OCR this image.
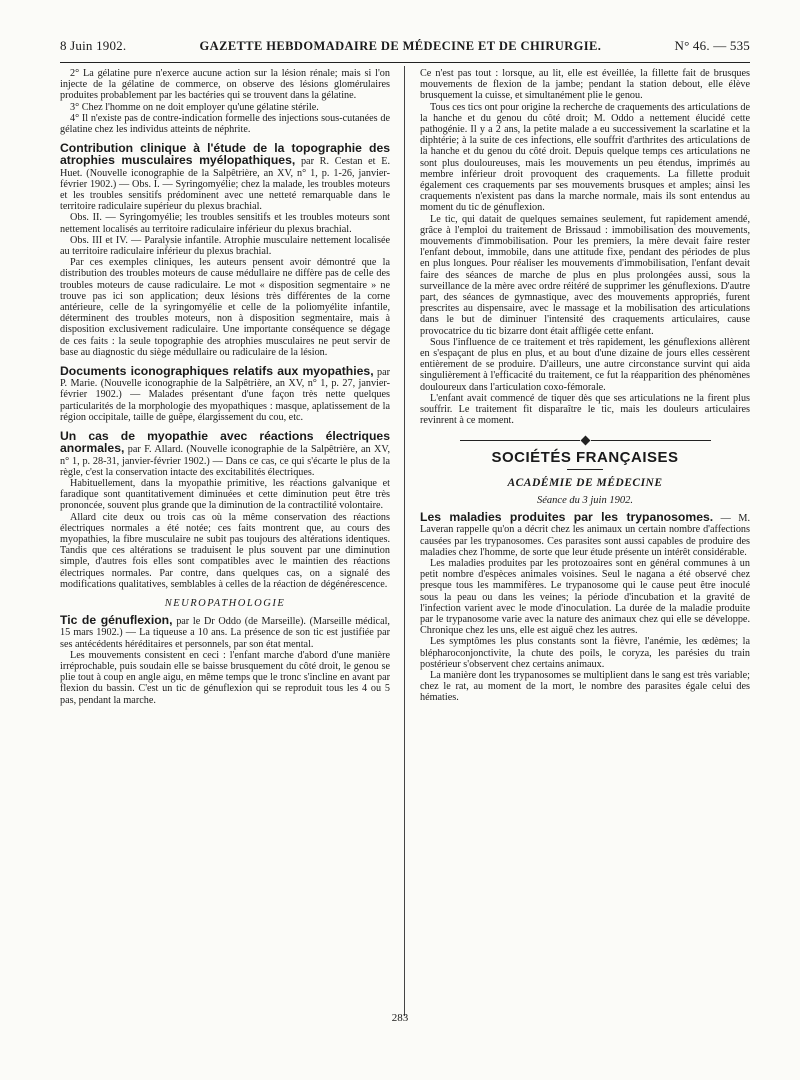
8 Juin 1902.	GAZETTE HEBDOMADAIRE DE MÉDECINE ET DE CHIRURGIE.	N° 46. — 535

2° La gélatine pure n'exerce aucune action sur la lésion rénale; mais si l'on injecte de la gélatine de commerce, on observe des lésions glomérulaires produites probablement par les bactéries qui se trouvent dans la gélatine.

3° Chez l'homme on ne doit employer qu'une gélatine stérile.

4° Il n'existe pas de contre-indication formelle des injections sous-cutanées de gélatine chez les individus atteints de néphrite.

Contribution clinique à l'étude de la topographie des atrophies musculaires myélopathiques, par R. Cestan et E. Huet. (Nouvelle iconographie de la Salpêtrière, an XV, n° 1, p. 1-26, janvier-février 1902.) — Obs. I. — Syringomyélie; chez la malade, les troubles moteurs et les troubles sensitifs prédominent avec une netteté remarquable dans le territoire radiculaire supérieur du plexus brachial.

Obs. II. — Syringomyélie; les troubles sensitifs et les troubles moteurs sont nettement localisés au territoire radiculaire inférieur du plexus brachial.

Obs. III et IV. — Paralysie infantile. Atrophie musculaire nettement localisée au territoire radiculaire inférieur du plexus brachial.

Par ces exemples cliniques, les auteurs pensent avoir démontré que la distribution des troubles moteurs de cause médullaire ne diffère pas de celle des troubles moteurs de cause radiculaire. Le mot « disposition segmentaire » ne trouve pas ici son application; deux lésions très différentes de la corne antérieure, celle de la syringomyélie et celle de la poliomyélite infantile, déterminent des troubles moteurs, non à disposition segmentaire, mais à disposition exclusivement radiculaire. Une importante conséquence se dégage de ces faits : la seule topographie des atrophies musculaires ne peut servir de base au diagnostic du siège médullaire ou radiculaire de la lésion.

Documents iconographiques relatifs aux myopathies, par P. Marie. (Nouvelle iconographie de la Salpêtrière, an XV, n° 1, p. 27, janvier-février 1902.) — Malades présentant d'une façon très nette quelques particularités de la morphologie des myopathiques : masque, aplatissement de la région occipitale, taille de guêpe, élargissement du cou, etc.

Un cas de myopathie avec réactions électriques anormales, par F. Allard. (Nouvelle iconographie de la Salpêtrière, an XV, n° 1, p. 28-31, janvier-février 1902.) — Dans ce cas, ce qui s'écarte le plus de la règle, c'est la conservation intacte des excitabilités électriques.

Habituellement, dans la myopathie primitive, les réactions galvanique et faradique sont quantitativement diminuées et cette diminution peut être très prononcée, souvent plus grande que la diminution de la contractilité volontaire.

Allard cite deux ou trois cas où la même conservation des réactions électriques normales a été notée; ces faits montrent que, au cours des myopathies, la fibre musculaire ne subit pas toujours des altérations identiques. Tandis que ces altérations se traduisent le plus souvent par une diminution simple, d'autres fois elles sont compatibles avec le maintien des réactions électriques normales. Par contre, dans quelques cas, on a signalé des modifications qualitatives, semblables à celles de la réaction de dégénérescence.

NEUROPATHOLOGIE

Tic de génuflexion, par le Dr Oddo (de Marseille). (Marseille médical, 15 mars 1902.) — La tiqueuse a 10 ans. La présence de son tic est justifiée par ses antécédents héréditaires et personnels, par son état mental.

Les mouvements consistent en ceci : l'enfant marche d'abord d'une manière irréprochable, puis soudain elle se baisse brusquement du côté droit, le genou se plie tout à coup en angle aigu, en même temps que le tronc s'incline en avant par flexion du bassin. C'est un tic de génuflexion qui se reproduit tous les 4 ou 5 pas, pendant la marche.

Ce n'est pas tout : lorsque, au lit, elle est éveillée, la fillette fait de brusques mouvements de flexion de la jambe; pendant la station debout, elle élève brusquement la cuisse, et simultanément plie le genou.

Tous ces tics ont pour origine la recherche de craquements des articulations de la hanche et du genou du côté droit; M. Oddo a nettement élucidé cette pathogénie. Il y a 2 ans, la petite malade a eu successivement la scarlatine et la diphtérie; à la suite de ces infections, elle souffrit d'arthrites des articulations de la hanche et du genou du côté droit. Depuis quelque temps ces articulations ne sont plus douloureuses, mais les mouvements un peu étendus, imprimés au membre inférieur droit provoquent des craquements. La fillette produit également ces craquements par ses mouvements brusques et amples; ainsi les craquements n'existent pas dans la marche normale, mais ils sont entendus au moment du tic de génuflexion.

Le tic, qui datait de quelques semaines seulement, fut rapidement amendé, grâce à l'emploi du traitement de Brissaud : immobilisation des mouvements, mouvements d'immobilisation. Pour les premiers, la mère devait faire rester l'enfant debout, immobile, dans une attitude fixe, pendant des périodes de plus en plus longues. Pour réaliser les mouvements d'immobilisation, l'enfant devait faire des séances de marche de plus en plus prolongées aussi, sous la surveillance de la mère avec ordre réitéré de supprimer les génuflexions. D'autre part, des séances de gymnastique, avec des mouvements appropriés, furent prescrites au dispensaire, avec le massage et la mobilisation des articulations dans le but de diminuer l'intensité des craquements articulaires, cause provocatrice du tic bizarre dont était affligée cette enfant.

Sous l'influence de ce traitement et très rapidement, les génuflexions allèrent en s'espaçant de plus en plus, et au bout d'une dizaine de jours elles cessèrent entièrement de se produire. D'ailleurs, une autre circonstance survint qui aida singulièrement à l'efficacité du traitement, ce fut la réapparition des phénomènes douloureux dans l'articulation coxo-fémorale.

L'enfant avait commencé de tiquer dès que ses articulations ne la firent plus souffrir. Le traitement fit disparaître le tic, mais les douleurs articulaires revinrent à ce moment.

SOCIÉTÉS FRANÇAISES
ACADÉMIE DE MÉDECINE
Séance du 3 juin 1902.

Les maladies produites par les trypanosomes. — M. Laveran rappelle qu'on a décrit chez les animaux un certain nombre d'affections causées par les trypanosomes. Ces parasites sont aussi capables de produire des maladies chez l'homme, de sorte que leur étude présente un intérêt considérable.

Les maladies produites par les protozoaires sont en général communes à un petit nombre d'espèces animales voisines. Seul le nagana a été observé chez presque tous les mammifères. Le trypanosome qui le cause peut être inoculé sous la peau ou dans les veines; la période d'incubation et la gravité de l'infection varient avec le mode d'inoculation. La durée de la maladie produite par le trypanosome varie avec la nature des animaux chez qui elle se développe. Chronique chez les uns, elle est aiguë chez les autres.

Les symptômes les plus constants sont la fièvre, l'anémie, les œdèmes; la blépharoconjonctivite, la chute des poils, le coryza, les parésies du train postérieur s'observent chez certains animaux.

La manière dont les trypanosomes se multiplient dans le sang est très variable; chez le rat, au moment de la mort, le nombre des parasites égale celui des hématies.

283
